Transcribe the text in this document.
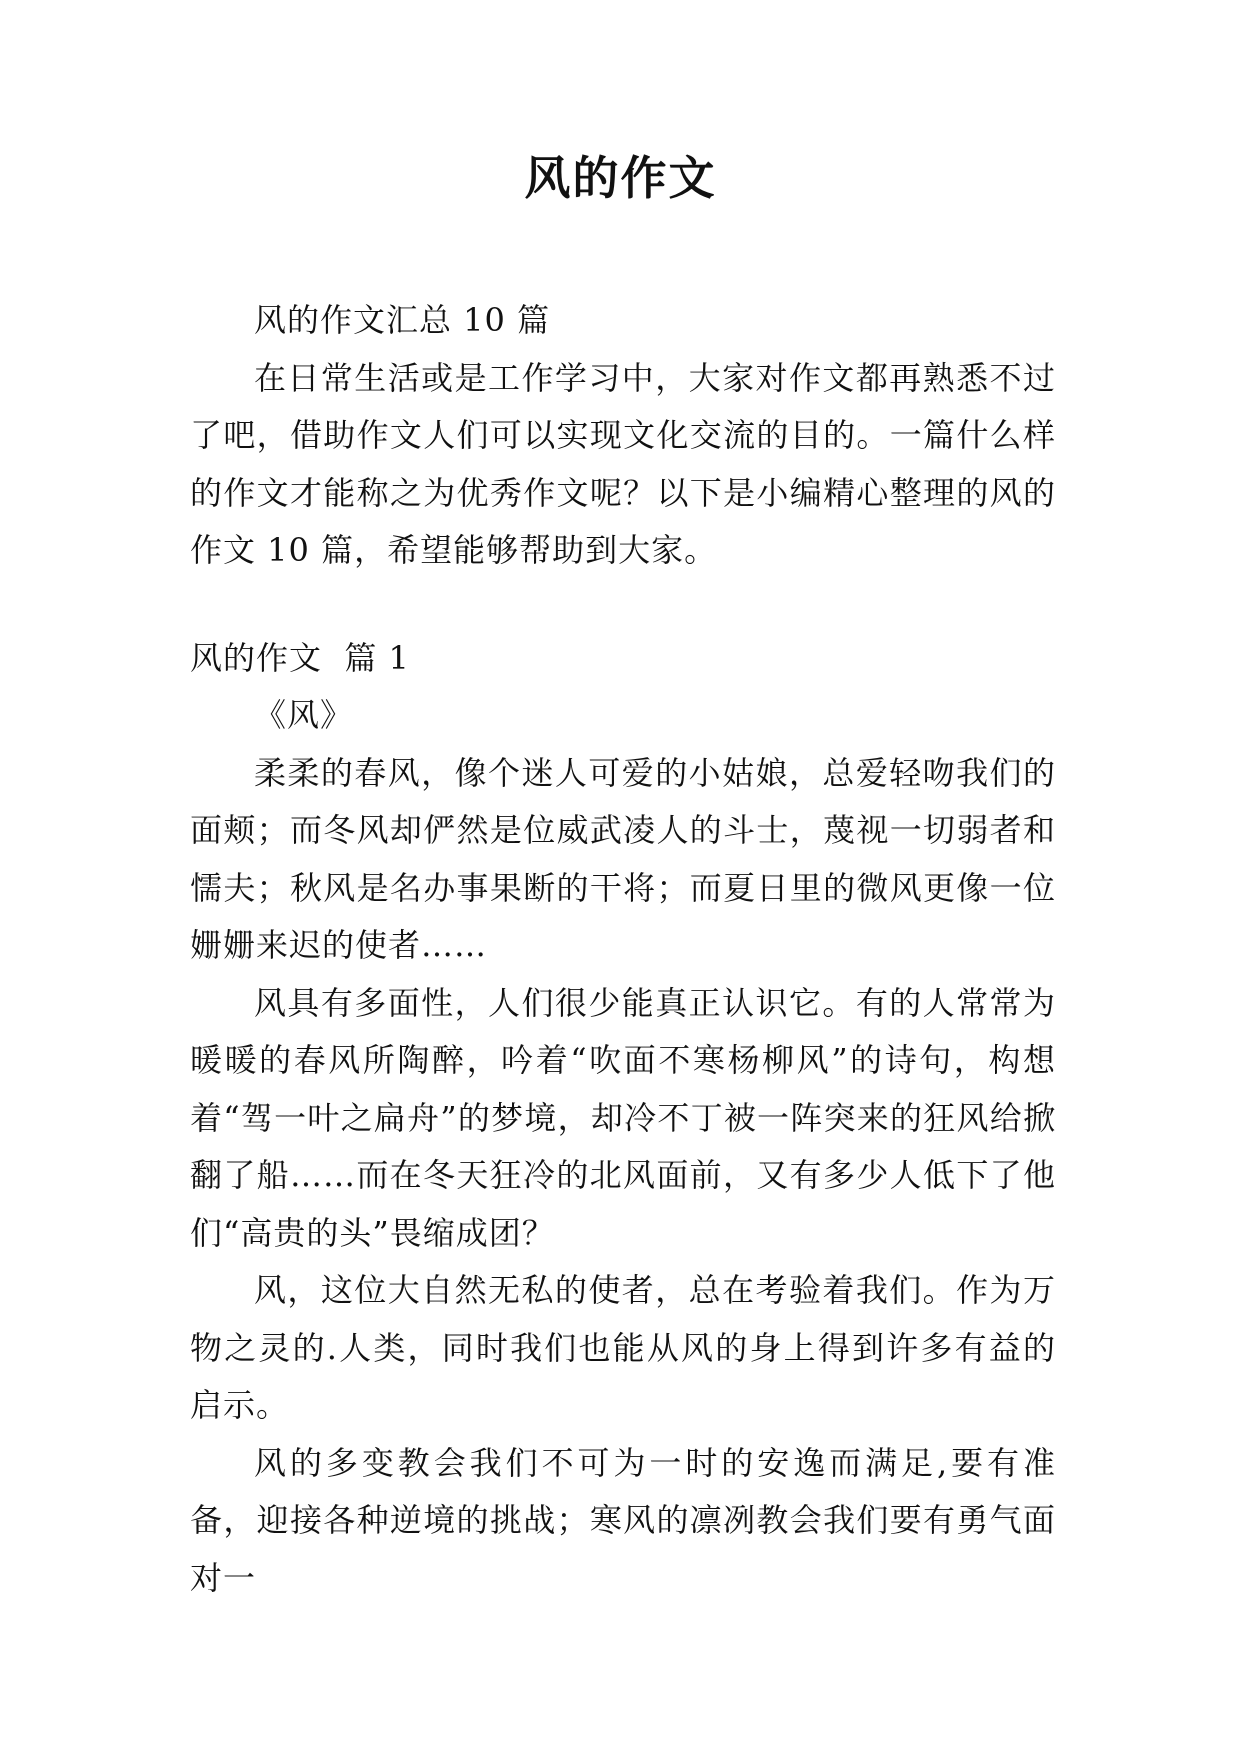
风的作文

风的作文汇总 10 篇

在日常生活或是工作学习中，大家对作文都再熟悉不过了吧，借助作文人们可以实现文化交流的目的。一篇什么样的作文才能称之为优秀作文呢？以下是小编精心整理的风的作文 10 篇，希望能够帮助到大家。

风的作文  篇 1

《风》

柔柔的春风，像个迷人可爱的小姑娘，总爱轻吻我们的面颊；而冬风却俨然是位威武凌人的斗士，蔑视一切弱者和懦夫；秋风是名办事果断的干将；而夏日里的微风更像一位姗姗来迟的使者……

风具有多面性，人们很少能真正认识它。有的人常常为暖暖的春风所陶醉，吟着“吹面不寒杨柳风”的诗句，构想着“驾一叶之扁舟”的梦境，却冷不丁被一阵突来的狂风给掀翻了船……而在冬天狂冷的北风面前，又有多少人低下了他们“高贵的头”畏缩成团？

风，这位大自然无私的使者，总在考验着我们。作为万物之灵的.人类，同时我们也能从风的身上得到许多有益的启示。

风的多变教会我们不可为一时的安逸而满足,要有准备，迎接各种逆境的挑战；寒风的凛冽教会我们要有勇气面对一
